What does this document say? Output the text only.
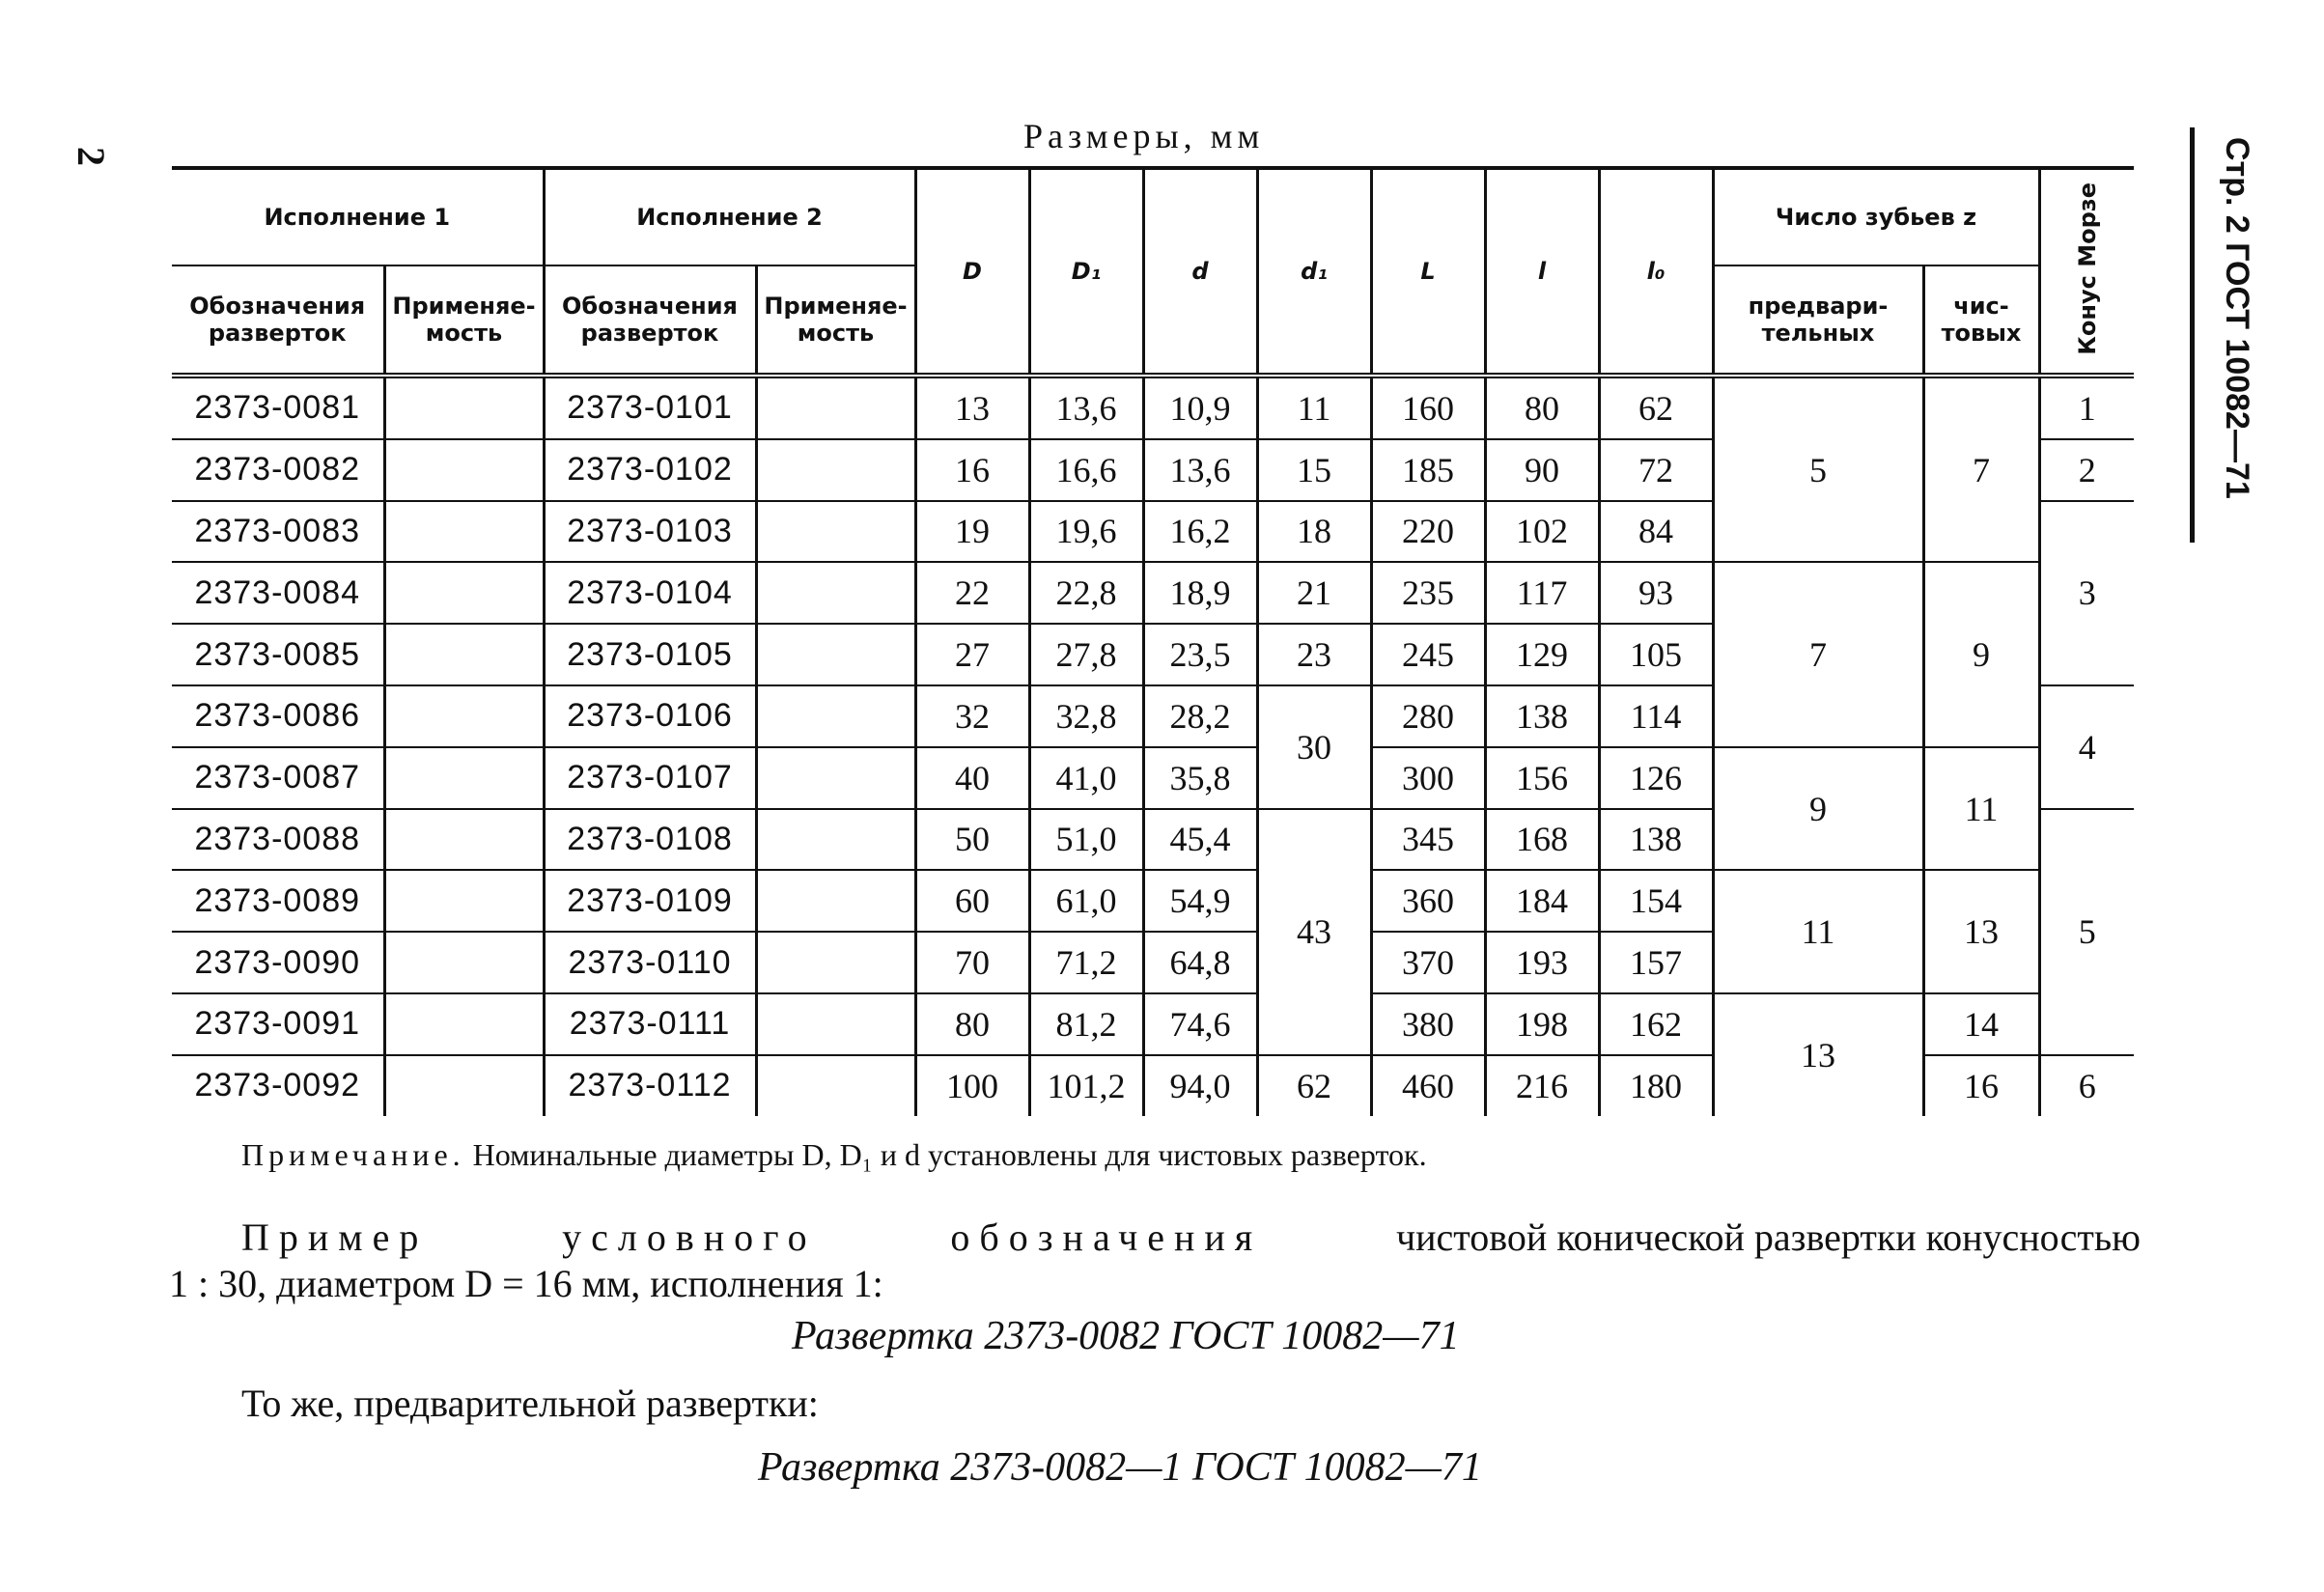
2
Размеры, мм
Стр. 2 ГОСТ 10082—71
Исполнение 1		Исполнение 2		D	D₁	d	d₁	L	l	l₀	Число зубьев z		Конус Морзе
Обозначения разверток	Применяе- мость	Обозначения разверток	Применяе- мость								предвари- тельных	чис- товых	
2373-0081		2373-0101		13	13,6	10,9	11	160	80	62	5	7	1
2373-0082		2373-0102		16	16,6	13,6	15	185	90	72			2
2373-0083		2373-0103		19	19,6	16,2	18	220	102	84			3
2373-0084		2373-0104		22	22,8	18,9	21	235	117	93	7	9	
2373-0085		2373-0105		27	27,8	23,5	23	245	129	105			
2373-0086		2373-0106		32	32,8	28,2	30	280	138	114			4
2373-0087		2373-0107		40	41,0	35,8		300	156	126	9	11	
2373-0088		2373-0108		50	51,0	45,4	43	345	168	138			5
2373-0089		2373-0109		60	61,0	54,9		360	184	154	11	13	
2373-0090		2373-0110		70	71,2	64,8		370	193	157			
2373-0091		2373-0111		80	81,2	74,6		380	198	162	13	14	
2373-0092		2373-0112		100	101,2	94,0	62	460	216	180		16	6
Примечание. Номинальные диаметры D, D₁ и d установлены для чистовых разверток.
Пример	условного	обозначения	чистовой коничеcкой развертки конусностью
1 : 30, диаметром D = 16 мм, исполнения 1:
Развертка 2373-0082 ГОСТ 10082—71
То же, предварительной развертки:
Развертка 2373-0082—1 ГОСТ 10082—71
